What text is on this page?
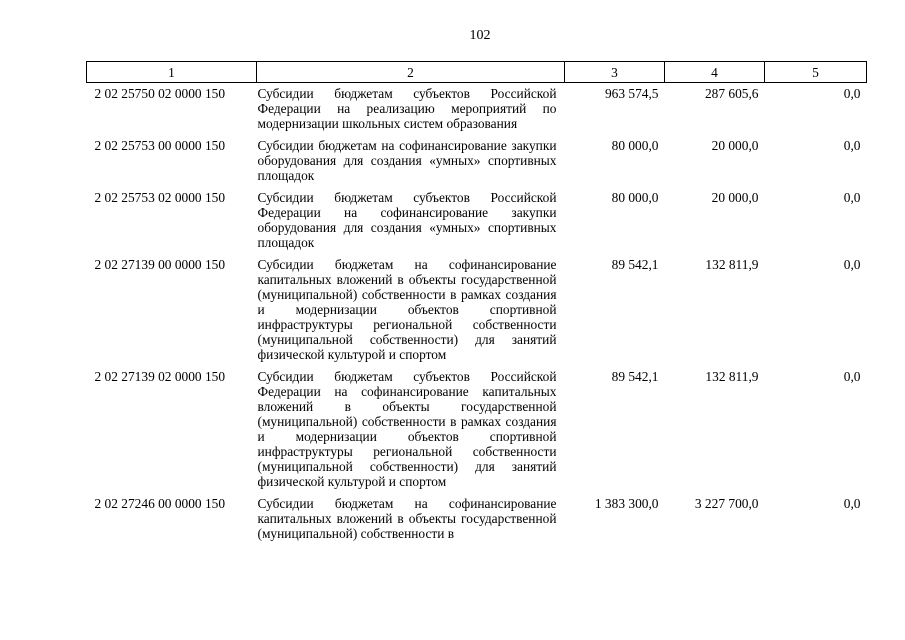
102
1	2	3	4	5
2 02 25750 02 0000 150	Субсидии бюджетам субъектов Российской Федерации на реализацию мероприятий по модернизации школьных систем образования	963 574,5	287 605,6	0,0
2 02 25753 00 0000 150	Субсидии бюджетам на софинансирование закупки оборудования для создания «умных» спортивных площадок	80 000,0	20 000,0	0,0
2 02 25753 02 0000 150	Субсидии бюджетам субъектов Российской Федерации на софинансирование закупки оборудования для создания «умных» спортивных площадок	80 000,0	20 000,0	0,0
2 02 27139 00 0000 150	Субсидии бюджетам на софинансирование капитальных вложений в объекты государственной (муниципальной) собственности в рамках создания и модернизации объектов спортивной инфраструктуры региональной собственности (муниципальной собственности) для занятий физической культурой и спортом	89 542,1	132 811,9	0,0
2 02 27139 02 0000 150	Субсидии бюджетам субъектов Российской Федерации на софинансирование капитальных вложений в объекты государственной (муниципальной) собственности в рамках создания и модернизации объектов спортивной инфраструктуры региональной собственности (муниципальной собственности) для занятий физической культурой и спортом	89 542,1	132 811,9	0,0
2 02 27246 00 0000 150	Субсидии бюджетам на софинансирование капитальных вложений в объекты государственной (муниципальной) собственности в	1 383 300,0	3 227 700,0	0,0
